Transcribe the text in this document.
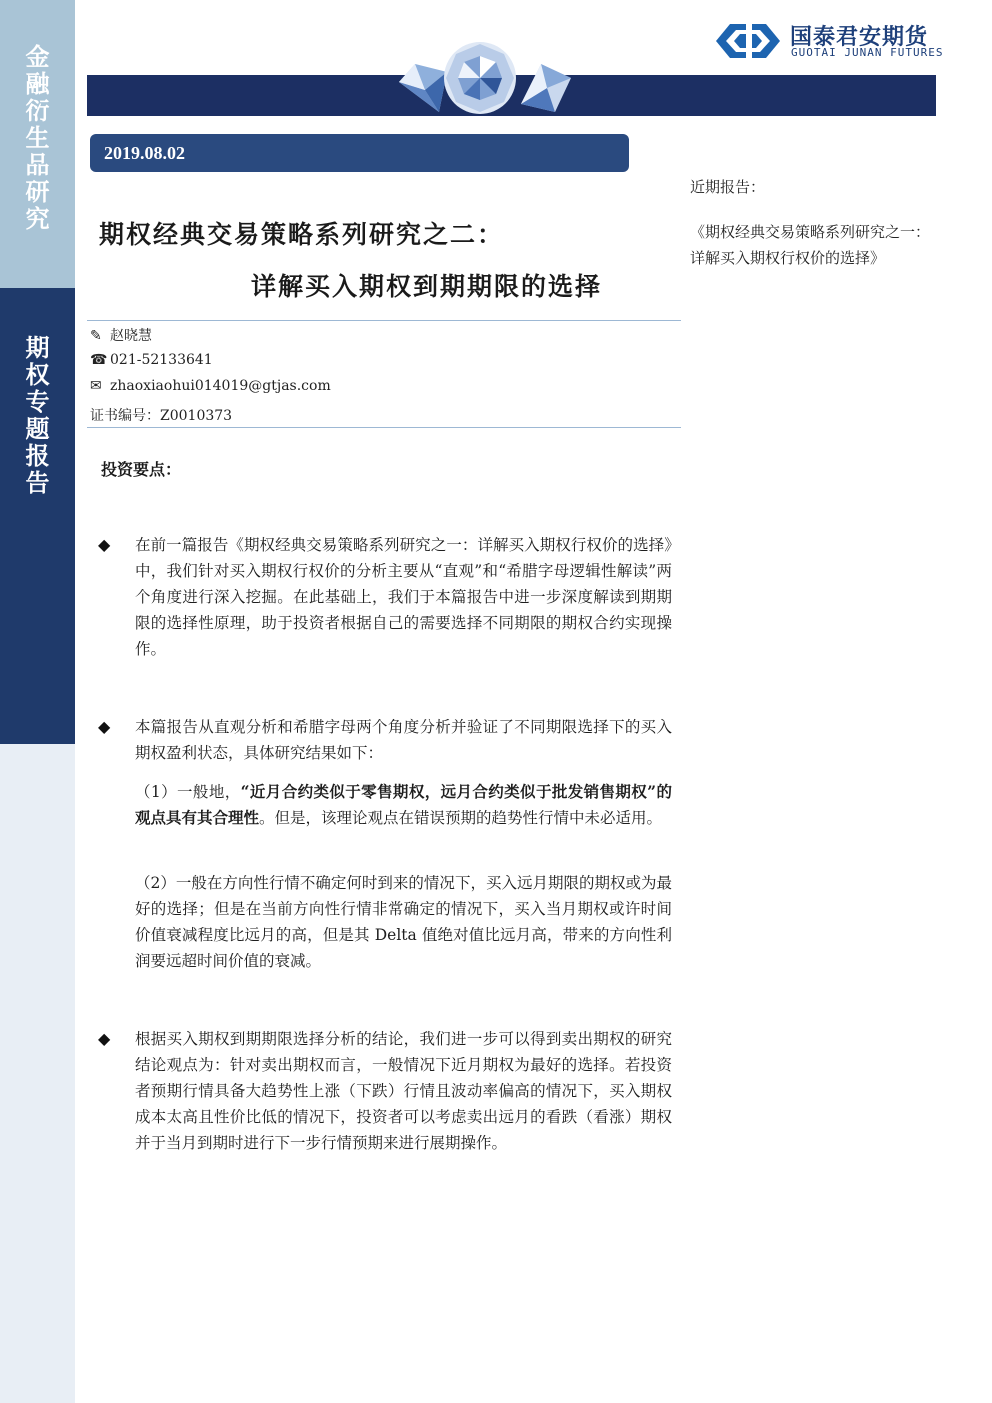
金
融
衍
生
品
研
究
期
权
专
题
报
告
国泰君安期货
GUOTAI JUNAN FUTURES
2019.08.02
期权经典交易策略系列研究之二：
详解买入期权到期期限的选择
✎ 赵晓慧
☎ 021-52133641
✉ zhaoxiaohui014019@gtjas.com
证书编号：Z0010373
投资要点：
◆ 在前一篇报告《期权经典交易策略系列研究之一：详解买入期权行权价的选择》中，我们针对买入期权行权价的分析主要从“直观”和“希腊字母逻辑性解读”两个角度进行深入挖掘。在此基础上，我们于本篇报告中进一步深度解读到期期限的选择性原理，助于投资者根据自己的需要选择不同期限的期权合约实现操作。
◆ 本篇报告从直观分析和希腊字母两个角度分析并验证了不同期限选择下的买入期权盈利状态，具体研究结果如下：
（1）一般地，“近月合约类似于零售期权，远月合约类似于批发销售期权”的观点具有其合理性。但是，该理论观点在错误预期的趋势性行情中未必适用。
（2）一般在方向性行情不确定何时到来的情况下，买入远月期限的期权或为最好的选择；但是在当前方向性行情非常确定的情况下，买入当月期权或许时间价值衰减程度比远月的高，但是其 Delta 值绝对值比远月高，带来的方向性利润要远超时间价值的衰减。
◆ 根据买入期权到期期限选择分析的结论，我们进一步可以得到卖出期权的研究结论观点为：针对卖出期权而言，一般情况下近月期权为最好的选择。若投资者预期行情具备大趋势性上涨（下跌）行情且波动率偏高的情况下，买入期权成本太高且性价比低的情况下，投资者可以考虑卖出远月的看跌（看涨）期权并于当月到期时进行下一步行情预期来进行展期操作。
近期报告：
《期权经典交易策略系列研究之一：详解买入期权行权价的选择》
